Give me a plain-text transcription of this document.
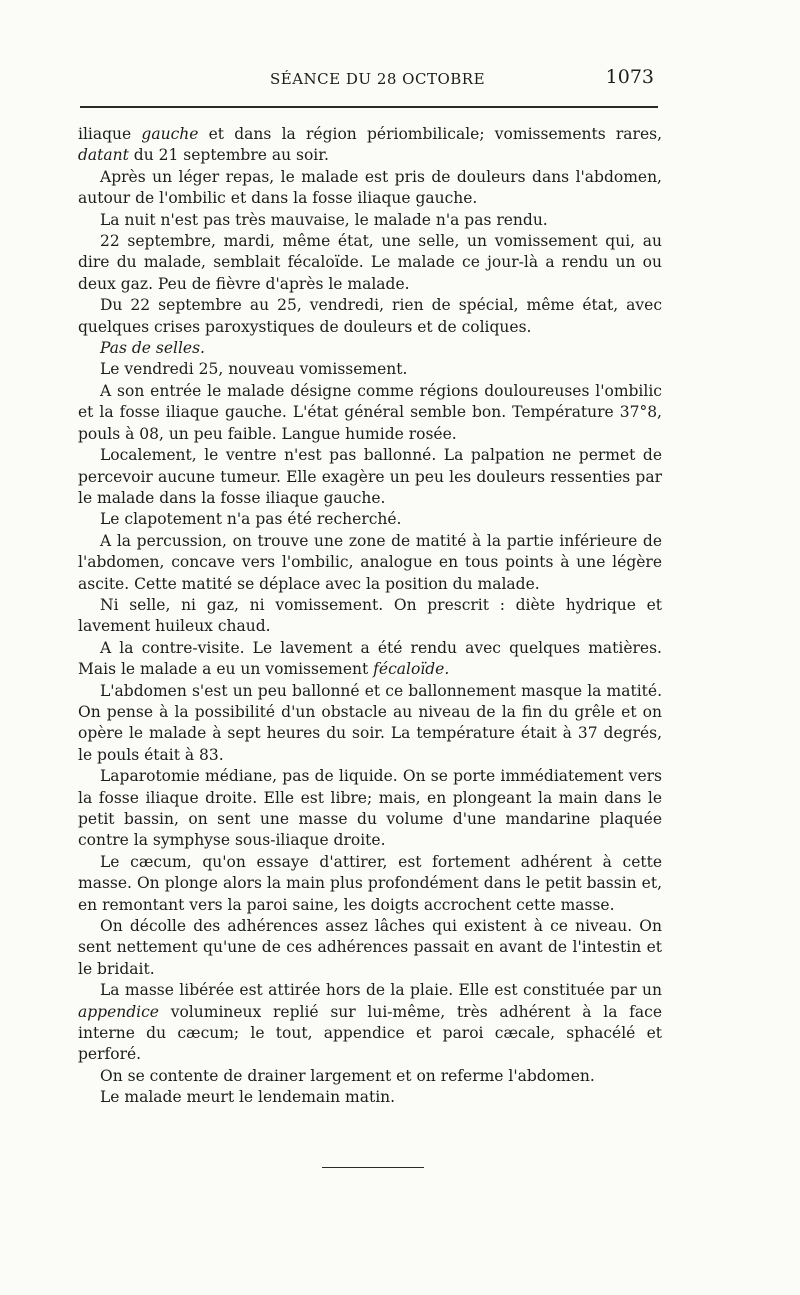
SÉANCE DU 28 OCTOBRE	1073

iliaque gauche et dans la région périombilicale; vomissements rares, datant du 21 septembre au soir.

Après un léger repas, le malade est pris de douleurs dans l'abdomen, autour de l'ombilic et dans la fosse iliaque gauche.

La nuit n'est pas très mauvaise, le malade n'a pas rendu.

22 septembre, mardi, même état, une selle, un vomissement qui, au dire du malade, semblait fécaloïde. Le malade ce jour-là a rendu un ou deux gaz. Peu de fièvre d'après le malade.

Du 22 septembre au 25, vendredi, rien de spécial, même état, avec quelques crises paroxystiques de douleurs et de coliques.

Pas de selles.

Le vendredi 25, nouveau vomissement.

A son entrée le malade désigne comme régions douloureuses l'ombilic et la fosse iliaque gauche. L'état général semble bon. Température 37°8, pouls à 08, un peu faible. Langue humide rosée.

Localement, le ventre n'est pas ballonné. La palpation ne permet de percevoir aucune tumeur. Elle exagère un peu les douleurs ressenties par le malade dans la fosse iliaque gauche.

Le clapotement n'a pas été recherché.

A la percussion, on trouve une zone de matité à la partie inférieure de l'abdomen, concave vers l'ombilic, analogue en tous points à une légère ascite. Cette matité se déplace avec la position du malade.

Ni selle, ni gaz, ni vomissement. On prescrit : diète hydrique et lavement huileux chaud.

A la contre-visite. Le lavement a été rendu avec quelques matières. Mais le malade a eu un vomissement fécaloïde.

L'abdomen s'est un peu ballonné et ce ballonnement masque la matité. On pense à la possibilité d'un obstacle au niveau de la fin du grêle et on opère le malade à sept heures du soir. La température était à 37 degrés, le pouls était à 83.

Laparotomie médiane, pas de liquide. On se porte immédiatement vers la fosse iliaque droite. Elle est libre; mais, en plongeant la main dans le petit bassin, on sent une masse du volume d'une mandarine plaquée contre la symphyse sous-iliaque droite.

Le cæcum, qu'on essaye d'attirer, est fortement adhérent à cette masse. On plonge alors la main plus profondément dans le petit bassin et, en remontant vers la paroi saine, les doigts accrochent cette masse.

On décolle des adhérences assez lâches qui existent à ce niveau. On sent nettement qu'une de ces adhérences passait en avant de l'intestin et le bridait.

La masse libérée est attirée hors de la plaie. Elle est constituée par un appendice volumineux replié sur lui-même, très adhérent à la face interne du cæcum; le tout, appendice et paroi cæcale, sphacélé et perforé.

On se contente de drainer largement et on referme l'abdomen.

Le malade meurt le lendemain matin.
